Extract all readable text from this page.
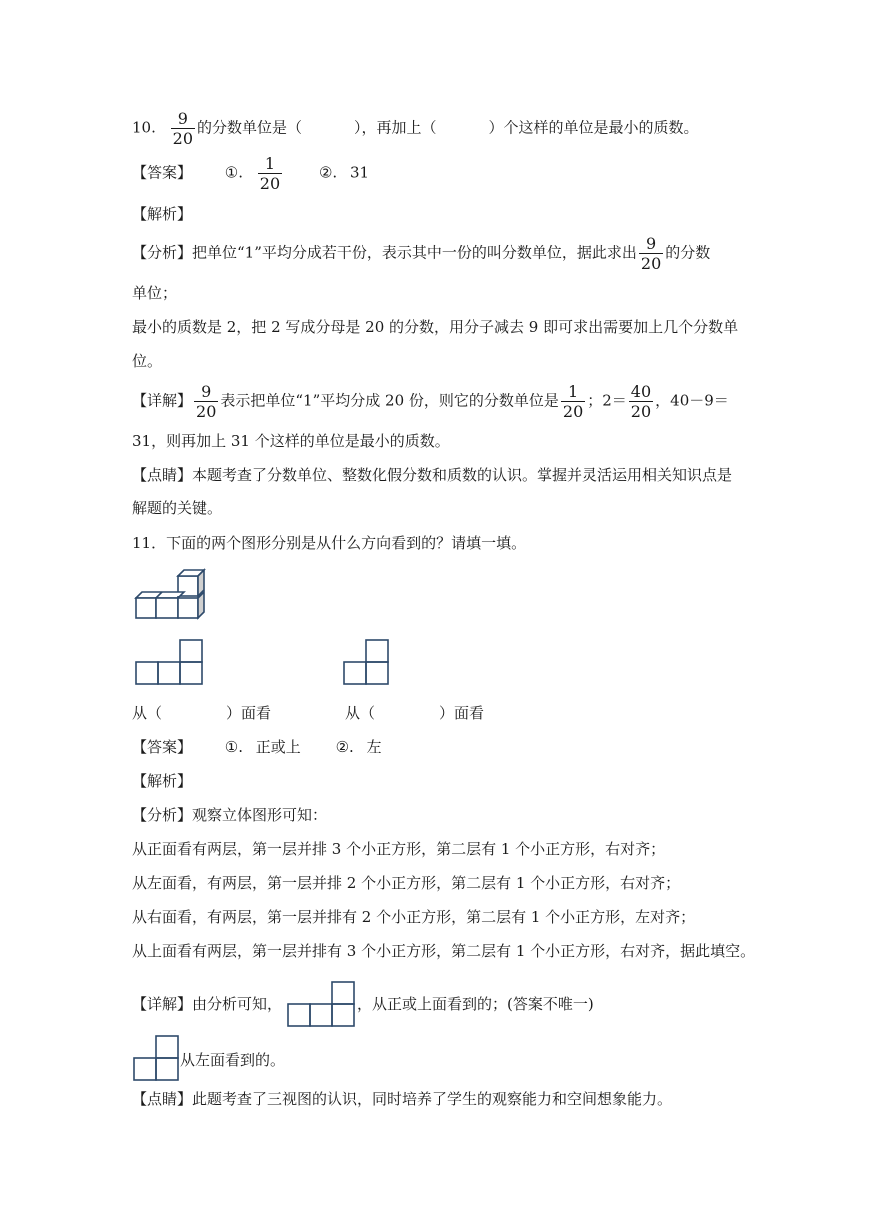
10. $\frac{9}{20}$ 的分数单位是（	），再加上（	）个这样的单位是最小的质数。
【答案】 ①. $\frac{1}{20}$ ②. 31
【解析】
【分析】把单位“1”平均分成若干份，表示其中一份的叫分数单位，据此求出 $\frac{9}{20}$ 的分数
单位；
最小的质数是 2，把 2 写成分母是 20 的分数，用分子减去 9 即可求出需要加上几个分数单
位。
【详解】 $\frac{9}{20}$ 表示把单位“1”平均分成 20 份，则它的分数单位是 $\frac{1}{20}$ ；$2= \frac{40}{20}$ ，40－9＝
31，则再加上 31 个这样的单位是最小的质数。
【点睛】本题考查了分数单位、整数化假分数和质数的认识。掌握并灵活运用相关知识点是
解题的关键。
11．下面的两个图形分别是从什么方向看到的？请填一填。
从（	）面看	从（	）面看
【答案】 ①. 正或上 ②. 左
【解析】
【分析】观察立体图形可知：
从正面看有两层，第一层并排 3 个小正方形，第二层有 1 个小正方形，右对齐；
从左面看，有两层，第一层并排 2 个小正方形，第二层有 1 个小正方形，右对齐；
从右面看，有两层，第一层并排有 2 个小正方形，第二层有 1 个小正方形，左对齐；
从上面看有两层，第一层并排有 3 个小正方形，第二层有 1 个小正方形，右对齐，据此填空。
【详解】由分析可知，	，从正或上面看到的；(答案不唯一)
从左面看到的。
【点睛】此题考查了三视图的认识，同时培养了学生的观察能力和空间想象能力。
